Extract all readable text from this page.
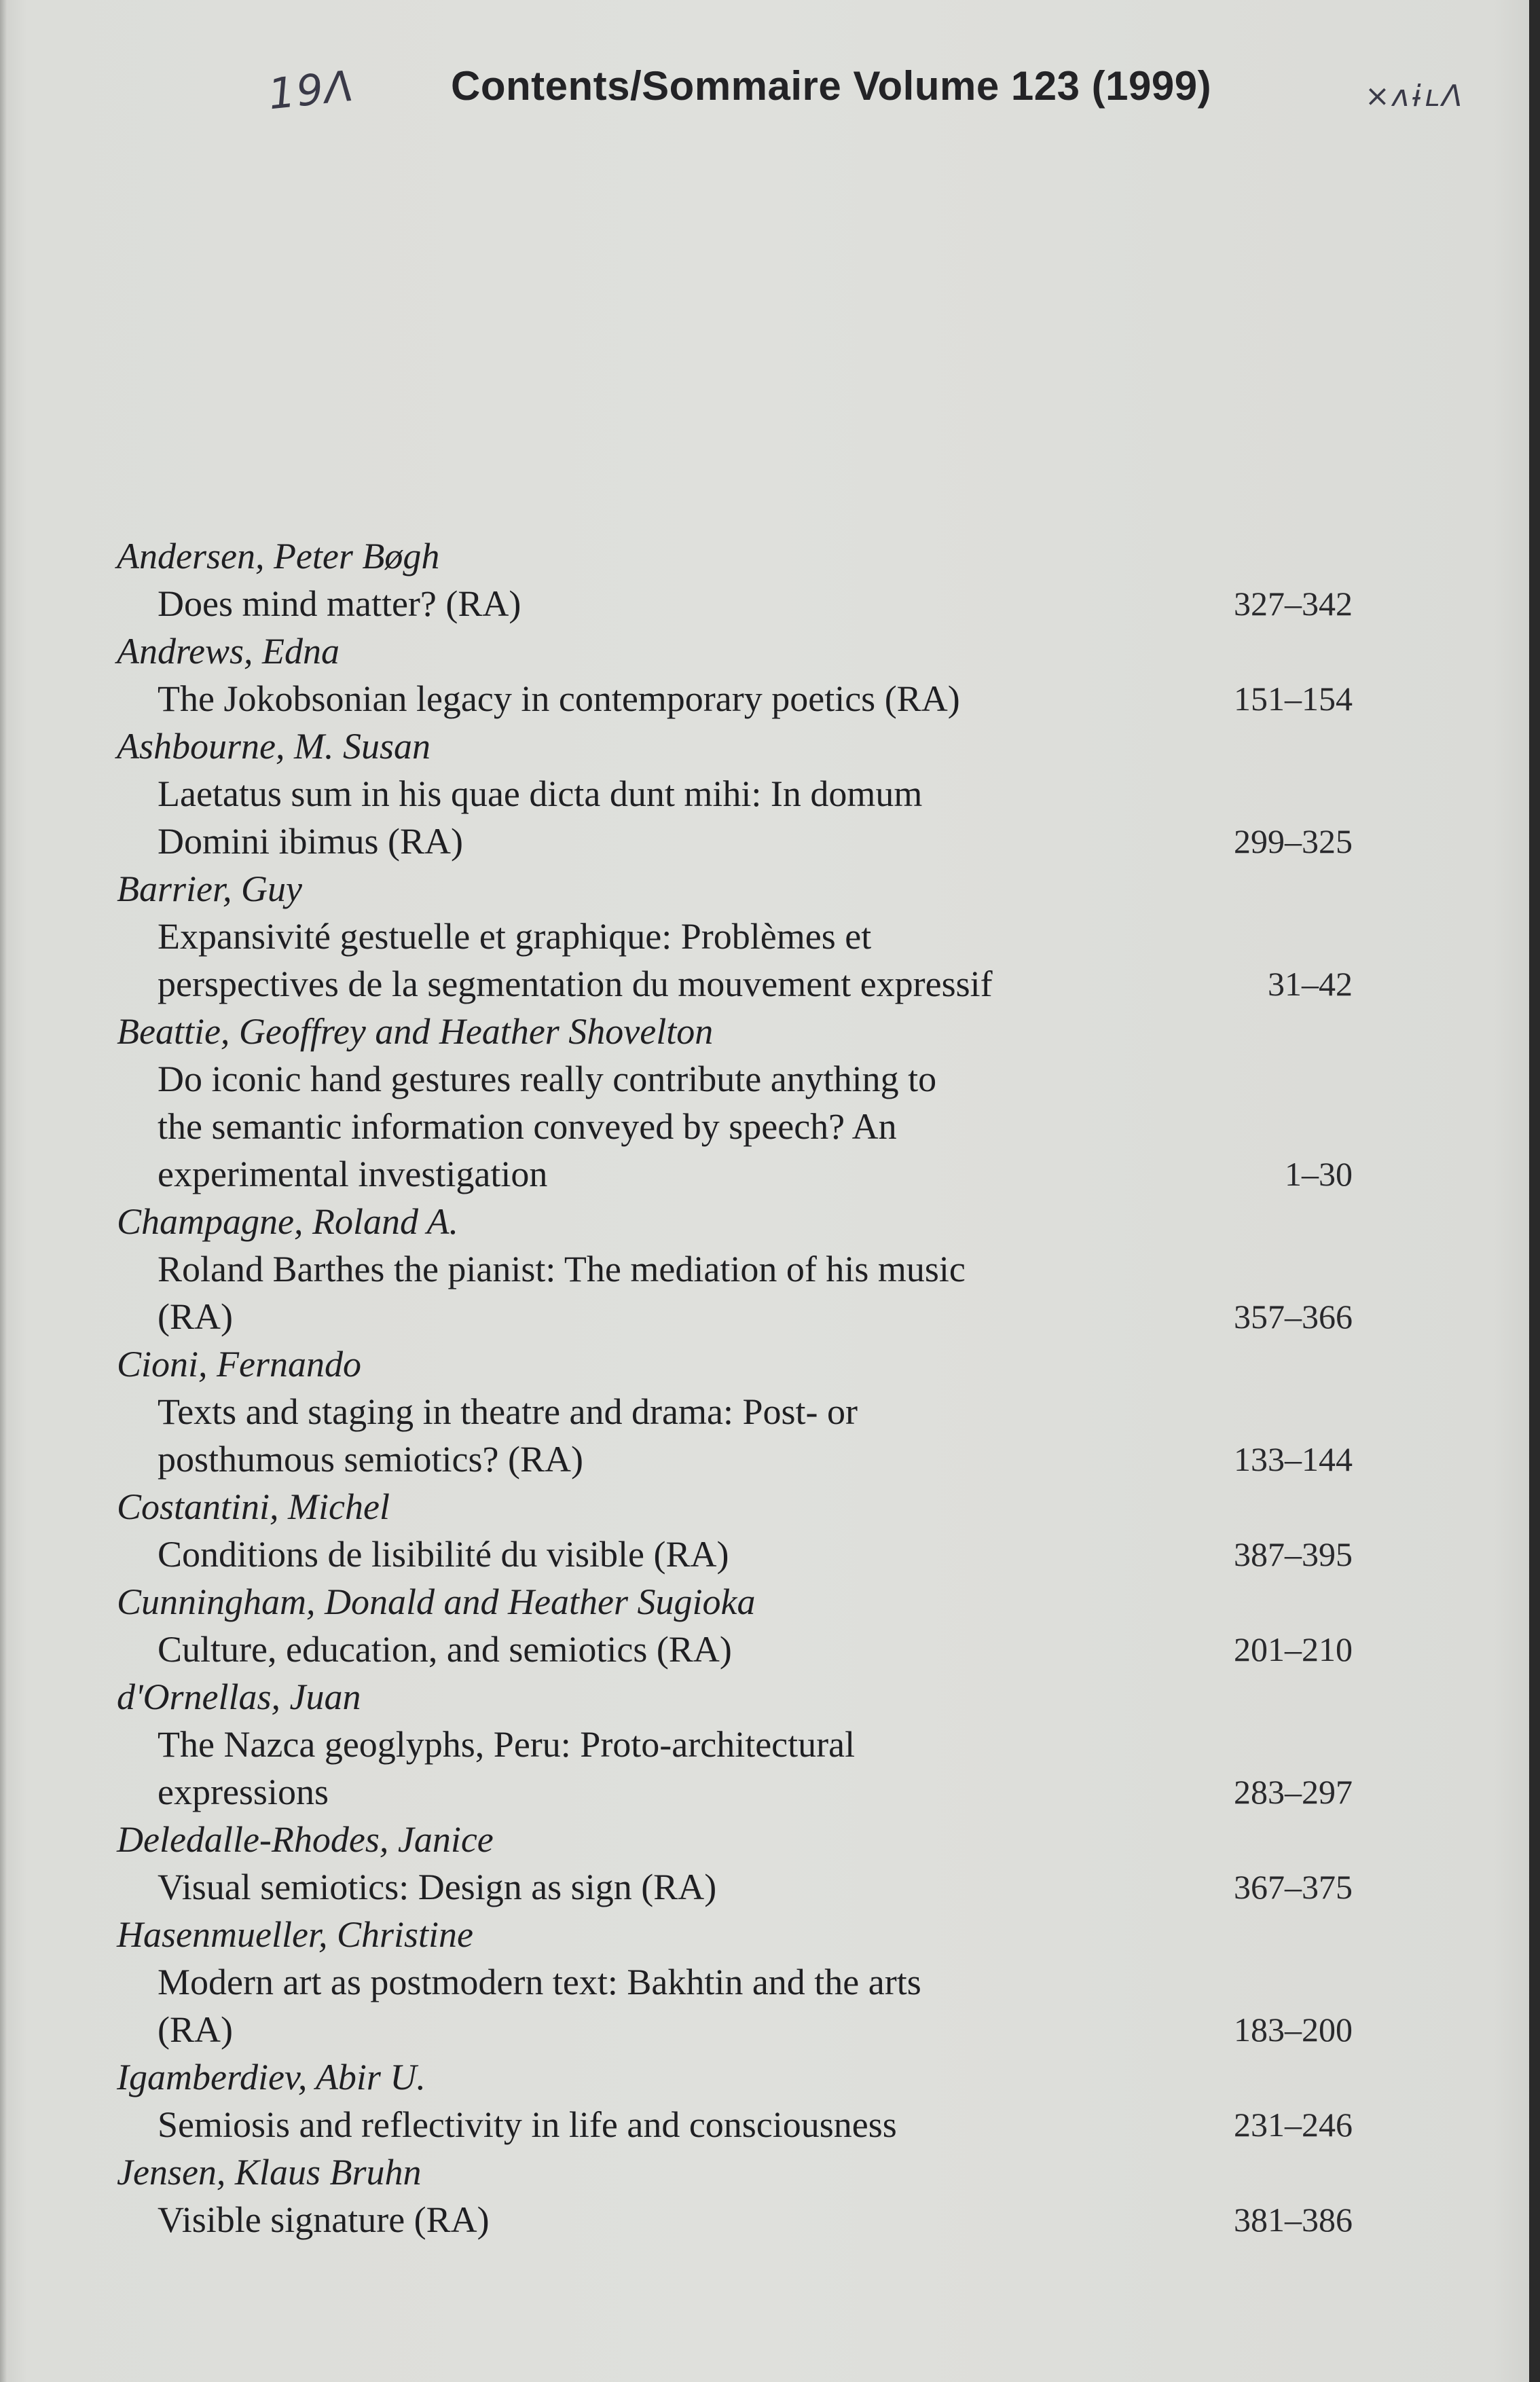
19Λ Contents/Sommaire Volume 123 (1999)	×ʌɨʟΛ
Andersen, Peter Bøgh
Does mind matter? (RA)	327–342
Andrews, Edna
The Jokobsonian legacy in contemporary poetics (RA)	151–154
Ashbourne, M. Susan
Laetatus sum in his quae dicta dunt mihi: In domum
Domini ibimus (RA)	299–325
Barrier, Guy
Expansivité gestuelle et graphique: Problèmes et
perspectives de la segmentation du mouvement expressif	31–42
Beattie, Geoffrey and Heather Shovelton
Do iconic hand gestures really contribute anything to
the semantic information conveyed by speech? An
experimental investigation	1–30
Champagne, Roland A.
Roland Barthes the pianist: The mediation of his music
(RA)	357–366
Cioni, Fernando
Texts and staging in theatre and drama: Post- or
posthumous semiotics? (RA)	133–144
Costantini, Michel
Conditions de lisibilité du visible (RA)	387–395
Cunningham, Donald and Heather Sugioka
Culture, education, and semiotics (RA)	201–210
d'Ornellas, Juan
The Nazca geoglyphs, Peru: Proto-architectural
expressions	283–297
Deledalle-Rhodes, Janice
Visual semiotics: Design as sign (RA)	367–375
Hasenmueller, Christine
Modern art as postmodern text: Bakhtin and the arts
(RA)	183–200
Igamberdiev, Abir U.
Semiosis and reflectivity in life and consciousness	231–246
Jensen, Klaus Bruhn
Visible signature (RA)	381–386
